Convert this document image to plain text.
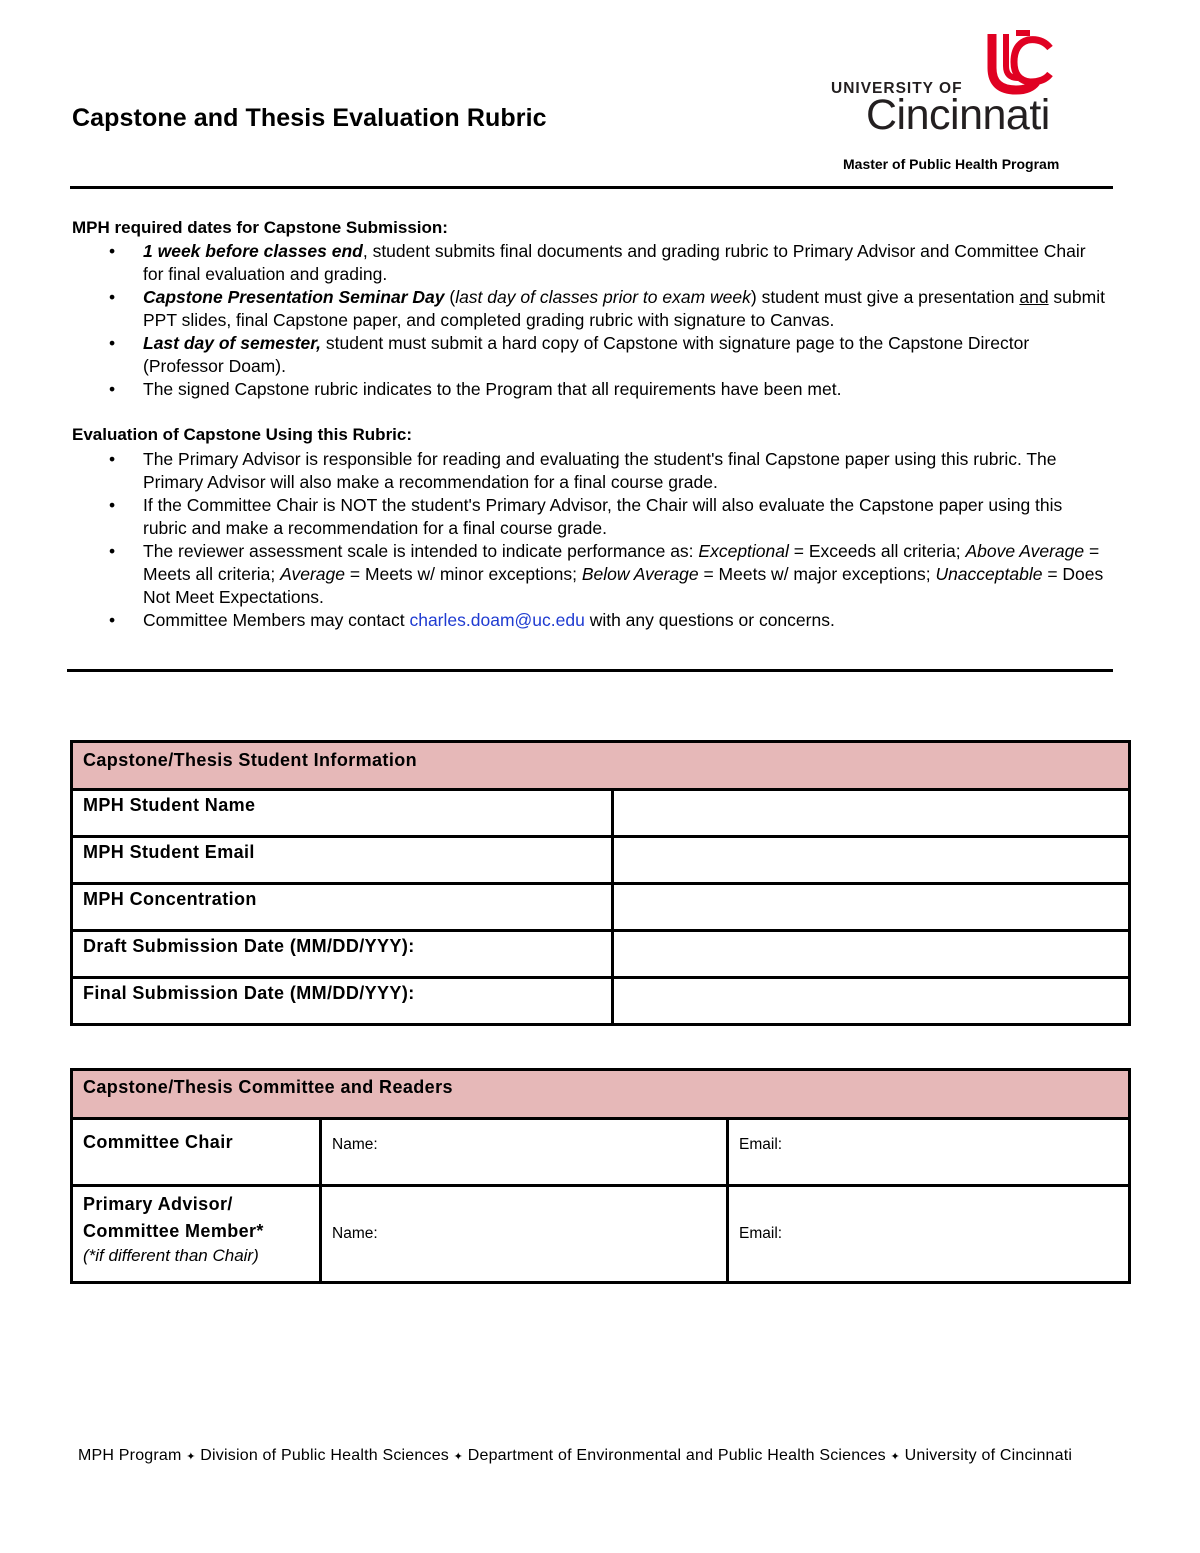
Capstone and Thesis Evaluation Rubric
UNIVERSITY OF
Cincinnati
Master of Public Health Program
MPH required dates for Capstone Submission:
• 1 week before classes end, student submits final documents and grading rubric to Primary Advisor and Committee Chair for final evaluation and grading.
• Capstone Presentation Seminar Day (last day of classes prior to exam week) student must give a presentation and submit PPT slides, final Capstone paper, and completed grading rubric with signature to Canvas.
• Last day of semester, student must submit a hard copy of Capstone with signature page to the Capstone Director (Professor Doam).
• The signed Capstone rubric indicates to the Program that all requirements have been met.
Evaluation of Capstone Using this Rubric:
• The Primary Advisor is responsible for reading and evaluating the student's final Capstone paper using this rubric. The Primary Advisor will also make a recommendation for a final course grade.
• If the Committee Chair is NOT the student's Primary Advisor, the Chair will also evaluate the Capstone paper using this rubric and make a recommendation for a final course grade.
• The reviewer assessment scale is intended to indicate performance as: Exceptional = Exceeds all criteria; Above Average = Meets all criteria; Average = Meets w/ minor exceptions; Below Average = Meets w/ major exceptions; Unacceptable = Does Not Meet Expectations.
• Committee Members may contact charles.doam@uc.edu with any questions or concerns.
Capstone/Thesis Student Information	
MPH Student Name	
MPH Student Email	
MPH Concentration	
Draft Submission Date (MM/DD/YYY):	
Final Submission Date (MM/DD/YYY):	
Capstone/Thesis Committee and Readers		
Committee Chair	Name:	Email:

Primary Advisor/
Committee Member*
(*if different than Chair)	Name:	Email:
MPH Program ✦ Division of Public Health Sciences ✦ Department of Environmental and Public Health Sciences ✦ University of Cincinnati
